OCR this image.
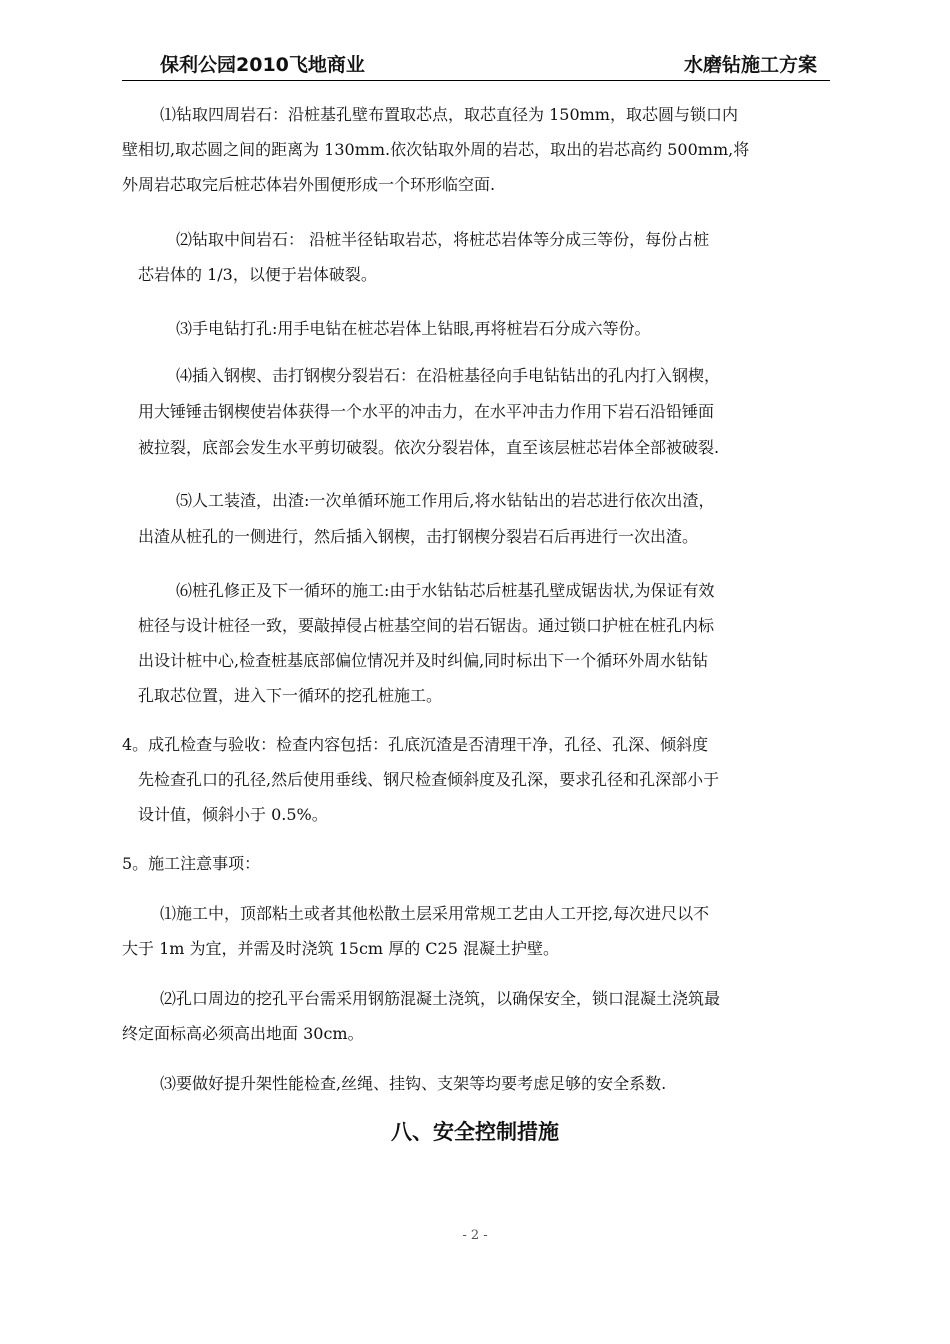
保利公园2010飞地商业	水磨钻施工方案

⑴钻取四周岩石：沿桩基孔壁布置取芯点，取芯直径为 150mm，取芯圆与锁口内

壁相切,取芯圆之间的距离为 130mm.依次钻取外周的岩芯，取出的岩芯高约 500mm,将

外周岩芯取完后桩芯体岩外围便形成一个环形临空面.

⑵钻取中间岩石： 沿桩半径钻取岩芯，将桩芯岩体等分成三等份，每份占桩

芯岩体的 1/3，以便于岩体破裂。

⑶手电钻打孔:用手电钻在桩芯岩体上钻眼,再将桩岩石分成六等份。

⑷插入钢楔、击打钢楔分裂岩石：在沿桩基径向手电钻钻出的孔内打入钢楔，

用大锤锤击钢楔使岩体获得一个水平的冲击力，在水平冲击力作用下岩石沿铅锤面

被拉裂，底部会发生水平剪切破裂。依次分裂岩体，直至该层桩芯岩体全部被破裂.

⑸人工装渣，出渣:一次单循环施工作用后,将水钻钻出的岩芯进行依次出渣，

出渣从桩孔的一侧进行，然后插入钢楔，击打钢楔分裂岩石后再进行一次出渣。

⑹桩孔修正及下一循环的施工:由于水钻钻芯后桩基孔壁成锯齿状,为保证有效

桩径与设计桩径一致，要敲掉侵占桩基空间的岩石锯齿。通过锁口护桩在桩孔内标

出设计桩中心,检查桩基底部偏位情况并及时纠偏,同时标出下一个循环外周水钻钻

孔取芯位置，进入下一循环的挖孔桩施工。

4。成孔检查与验收：检查内容包括：孔底沉渣是否清理干净，孔径、孔深、倾斜度

先检查孔口的孔径,然后使用垂线、钢尺检查倾斜度及孔深，要求孔径和孔深部小于

设计值，倾斜小于 0.5%。

5。施工注意事项：

⑴施工中，顶部粘土或者其他松散土层采用常规工艺由人工开挖,每次进尺以不

大于 1m 为宜，并需及时浇筑 15cm 厚的 C25 混凝土护壁。

⑵孔口周边的挖孔平台需采用钢筋混凝土浇筑，以确保安全，锁口混凝土浇筑最

终定面标高必须高出地面 30cm。

⑶要做好提升架性能检查,丝绳、挂钩、支架等均要考虑足够的安全系数.

八、安全控制措施
- 2 -
